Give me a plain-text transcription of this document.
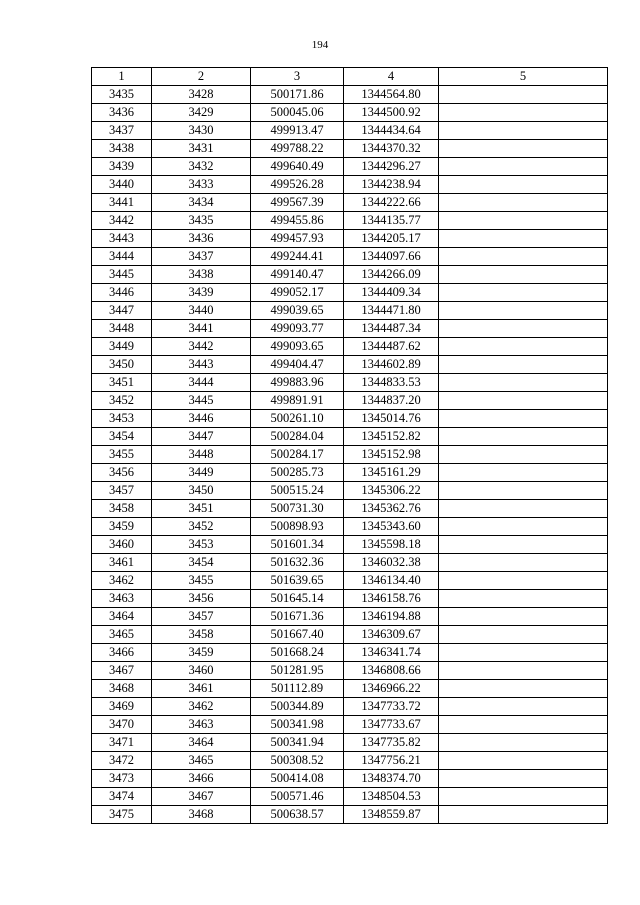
194
1	2	3	4	5
3435	3428	500171.86	1344564.80	
3436	3429	500045.06	1344500.92	
3437	3430	499913.47	1344434.64	
3438	3431	499788.22	1344370.32	
3439	3432	499640.49	1344296.27	
3440	3433	499526.28	1344238.94	
3441	3434	499567.39	1344222.66	
3442	3435	499455.86	1344135.77	
3443	3436	499457.93	1344205.17	
3444	3437	499244.41	1344097.66	
3445	3438	499140.47	1344266.09	
3446	3439	499052.17	1344409.34	
3447	3440	499039.65	1344471.80	
3448	3441	499093.77	1344487.34	
3449	3442	499093.65	1344487.62	
3450	3443	499404.47	1344602.89	
3451	3444	499883.96	1344833.53	
3452	3445	499891.91	1344837.20	
3453	3446	500261.10	1345014.76	
3454	3447	500284.04	1345152.82	
3455	3448	500284.17	1345152.98	
3456	3449	500285.73	1345161.29	
3457	3450	500515.24	1345306.22	
3458	3451	500731.30	1345362.76	
3459	3452	500898.93	1345343.60	
3460	3453	501601.34	1345598.18	
3461	3454	501632.36	1346032.38	
3462	3455	501639.65	1346134.40	
3463	3456	501645.14	1346158.76	
3464	3457	501671.36	1346194.88	
3465	3458	501667.40	1346309.67	
3466	3459	501668.24	1346341.74	
3467	3460	501281.95	1346808.66	
3468	3461	501112.89	1346966.22	
3469	3462	500344.89	1347733.72	
3470	3463	500341.98	1347733.67	
3471	3464	500341.94	1347735.82	
3472	3465	500308.52	1347756.21	
3473	3466	500414.08	1348374.70	
3474	3467	500571.46	1348504.53	
3475	3468	500638.57	1348559.87	
